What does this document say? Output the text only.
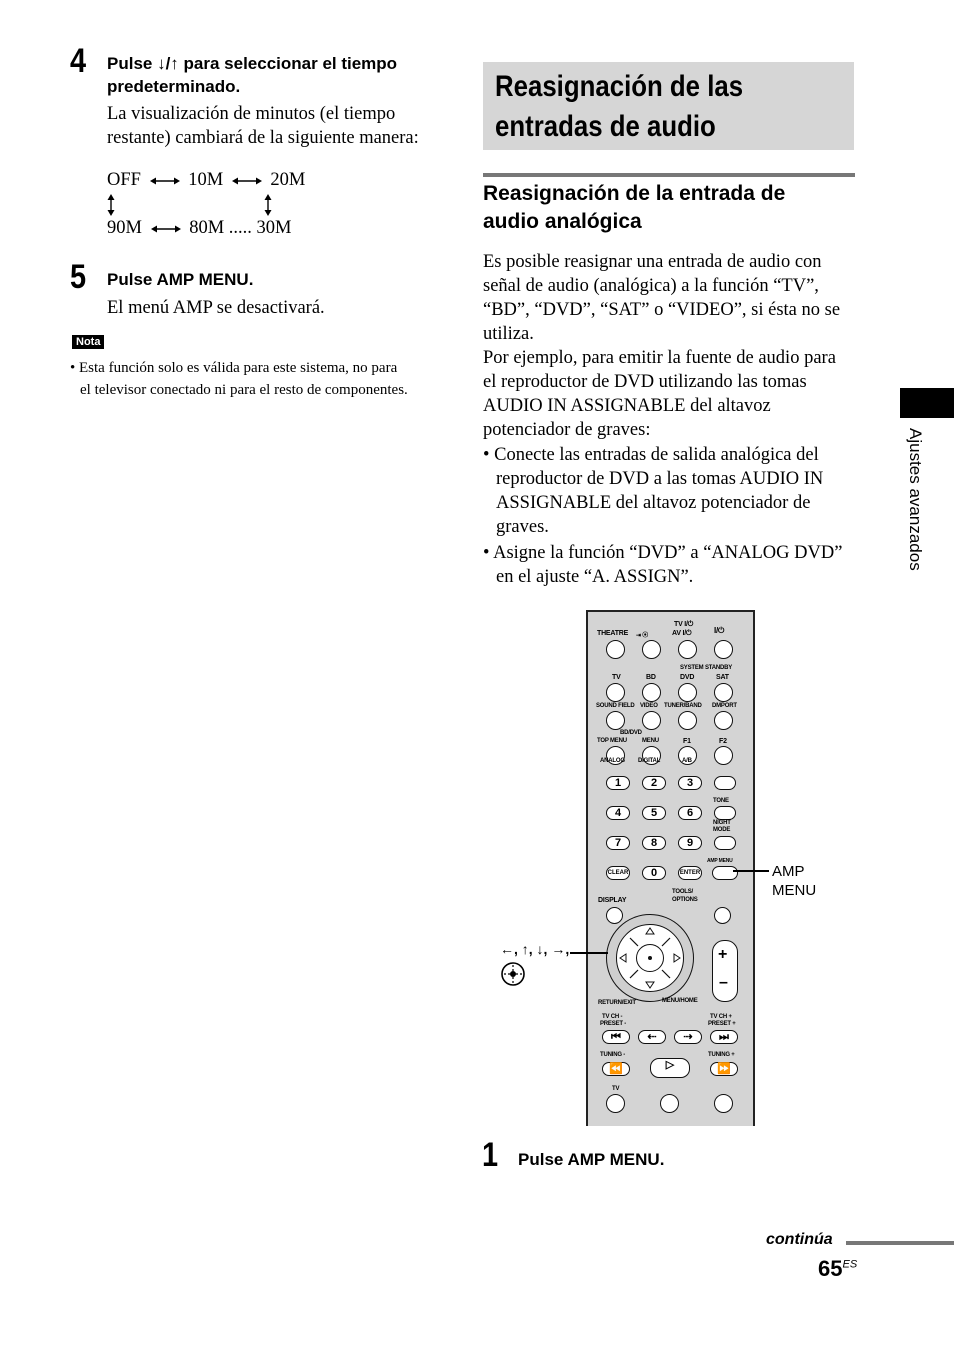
4 Pulse ↓/↑ para seleccionar el tiempo
predeterminado.
La visualización de minutos (el tiempo
restante) cambiará de la siguiente manera:
OFF	10M	20M
90M	80M ..... 30M
5 Pulse AMP MENU.
El menú AMP se desactivará.
Nota
• Esta función solo es válida para este sistema, no para
el televisor conectado ni para el resto de componentes.
Reasignación de las
entradas de audio
Reasignación de la entrada de
audio analógica
Es posible reasignar una entrada de audio con
señal de audio (analógica) a la función “TV”,
“BD”, “DVD”, “SAT” o “VIDEO”, si ésta no se
utiliza.
Por ejemplo, para emitir la fuente de audio para
el reproductor de DVD utilizando las tomas
AUDIO IN ASSIGNABLE del altavoz
potenciador de graves:
• Conecte las entradas de salida analógica del
reproductor de DVD a las tomas AUDIO IN
ASSIGNABLE del altavoz potenciador de
graves.
• Asigne la función “DVD” a “ANALOG DVD”
en el ajuste “A. ASSIGN”.
THEATRE ⇥ ⦿
TV I/⏻
AV I/⏻	I/⏻
SYSTEM STANDBY
TV	BD	DVD	SAT
SOUND FIELD VIDEO TUNER/BAND DMPORT
BD/DVD
TOP MENU	MENU	F1	F2
ANALOG DIGITAL	A/B
1	2	3
TONE
4	5	6
NIGHT
MODE
7	8	9
AMP MENU
CLEAR	0	ENTER
DISPLAY
TOOLS/
OPTIONS
+
–
RETURN/EXIT	MENU/HOME
TV CH -
PRESET -
TV CH +
PRESET +
⏮	⇠	⇢	⏭
TUNING -	TUNING +
⏪	▷	⏩
TV
AMP
MENU
←, ↑, ↓, →,
1 Pulse AMP MENU.
Ajustes avanzados
continúa
$65^{ES}$
